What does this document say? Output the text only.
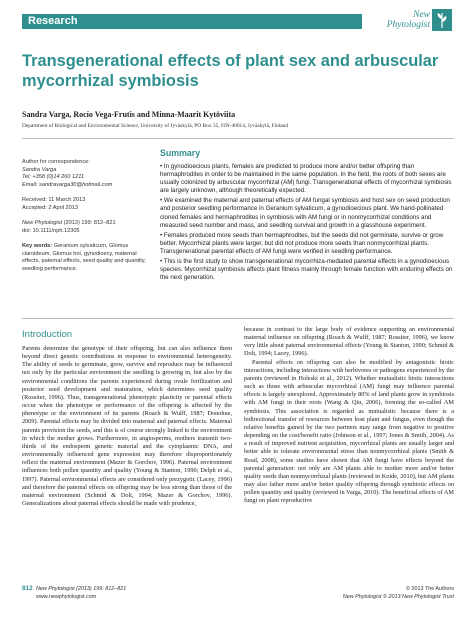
Research	New
Phytologist
Transgenerational effects of plant sex and arbuscular mycorrhizal symbiosis
Sandra Varga, Rocío Vega-Frutis and Minna-Maarit Kytöviita
Department of Biological and Environmental Science, University of Jyväskylä, PO Box 35, FIN-40014, Jyväskylä, Finland
Author for correspondence:
Sandra Varga
Tel: +358 (0)14 260 1211
Email: sandravarga30@hotmail.com
Received: 11 March 2013
Accepted: 2 April 2013
New Phytologist (2013) 199: 812–821
doi: 10.1111/nph.12305
Key words: Geranium sylvaticum, Glomus claroideum, Glomus hoi, gynodioecy, maternal effects, paternal effects, seed quality and quantity, seedling performance.
Summary

• In gynodioecious plants, females are predicted to produce more and/or better offspring than hermaphrodites in order to be maintained in the same population. In the field, the roots of both sexes are usually colonized by arbuscular mycorrhizal (AM) fungi. Transgenerational effects of mycorrhizal symbiosis are largely unknown, although theoretically expected.

• We examined the maternal and paternal effects of AM fungal symbiosis and host sex on seed production and posterior seedling performance in Geranium sylvaticum, a gynodioecious plant. We hand-pollinated cloned females and hermaphrodites in symbiosis with AM fungi or in nonmycorrhizal conditions and measured seed number and mass, and seedling survival and growth in a glasshouse experiment.

• Females produced more seeds than hermaphrodites, but the seeds did not germinate, survive or grow better. Mycorrhizal plants were larger, but did not produce more seeds than nonmycorrhizal plants. Transgenerational parental effects of AM fungi were verified in seedling performance.

• This is the first study to show transgenerational mycorrhiza-mediated parental effects in a gynodioecious species. Mycorrhizal symbiosis affects plant fitness mainly through female function with enduring effects on the next generation.

Introduction

Parents determine the genotype of their offspring, but can also influence them beyond direct genetic contributions in response to environmental heterogeneity. The ability of seeds to germinate, grow, survive and reproduce may be influenced not only by the particular environment the seedling is growing in, but also by the environmental conditions the parents experienced during ovule fertilization and posterior seed development and maturation, which determines seed quality (Rossiter, 1996). Thus, transgenerational phenotypic plasticity or parental effects occur when the phenotype or performance of the offspring is affected by the phenotype or the environment of its parents (Roach & Wulff, 1987; Donohue, 2009). Parental effects may be divided into maternal and paternal effects. Maternal parents provision the seeds, and this is of course strongly linked to the environment in which the mother grows. Furthermore, in angiosperms, mothers transmit two-thirds of the endosperm genetic material and the cytoplasmic DNA, and environmentally influenced gene expression may therefore disproportionately reflect the maternal environment (Mazer & Gorchov, 1996). Paternal environment influences both pollen quantity and quality (Young & Stanton, 1990; Delph et al., 1997). Paternal environmental effects are considered only prezygotic (Lacey, 1996) and therefore the paternal effects on offspring may be less strong than those of the maternal environment (Schmid & Dolt, 1994; Mazer & Gorchov, 1996). Generalizations about paternal effects should be made with prudence,

because in contrast to the large body of evidence supporting an environmental maternal influence on offspring (Roach & Wulff, 1987; Rossiter, 1996), we know very little about paternal environmental effects (Young & Stanton, 1990; Schmid & Dolt, 1994; Lacey, 1996).

Parental effects on offspring can also be modified by antagonistic biotic interactions, including interactions with herbivores or pathogens experienced by the parents (reviewed in Holeski et al., 2012). Whether mutualistic biotic interactions such as those with arbuscular mycorrhizal (AM) fungi may influence parental effects is largely unexplored. Approximately 80% of land plants grow in symbiosis with AM fungi in their roots (Wang & Qiu, 2006), forming the so-called AM symbiosis. This association is regarded as mutualistic because there is a bidirectional transfer of resources between host plant and fungus, even though the relative benefits gained by the two partners may range from negative to positive depending on the cost/benefit ratio (Johnson et al., 1997; Jones & Smith, 2004). As a result of improved nutrient acquisition, mycorrhizal plants are usually larger and better able to tolerate environmental stress than nonmycorrhizal plants (Smith & Read, 2008), some studies have shown that AM fungi have effects beyond the parental generation: not only are AM plants able to mother more and/or better quality seeds than nonmycorrhizal plants (reviewed in Koide, 2010), but AM plants may also father more and/or better quality offspring through symbiotic effects on pollen quantity and quality (reviewed in Varga, 2010). The beneficial effects of AM fungi on plant reproductive

812 New Phytologist (2013) 199: 812–821
www.newphytologist.com
© 2013 The Authors
New Phytologist © 2013 New Phytologist Trust
